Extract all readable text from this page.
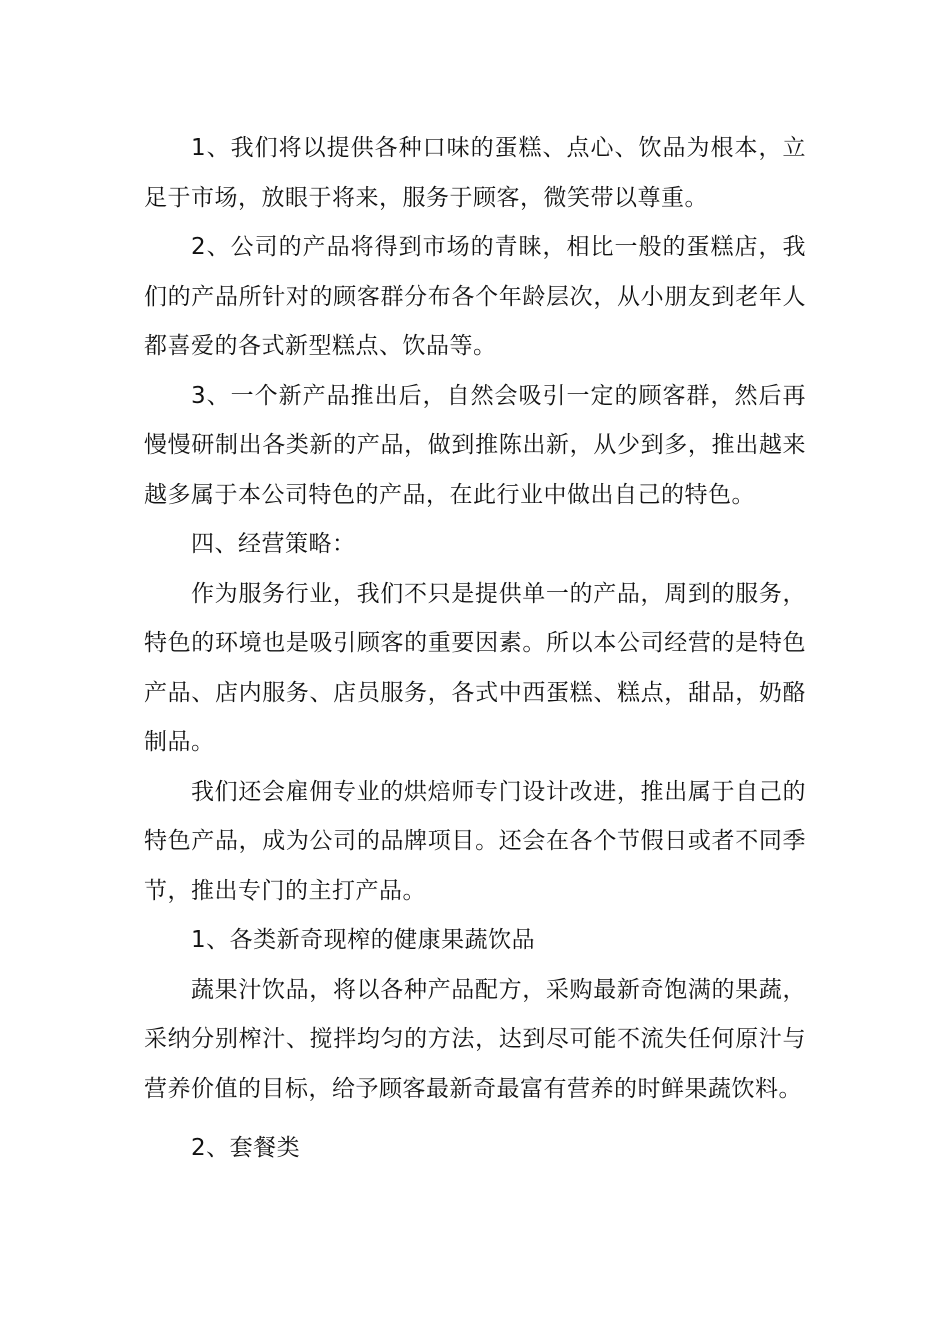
1、我们将以提供各种口味的蛋糕、点心、饮品为根本，立足于市场，放眼于将来，服务于顾客，微笑带以尊重。

2、公司的产品将得到市场的青睐，相比一般的蛋糕店，我们的产品所针对的顾客群分布各个年龄层次，从小朋友到老年人都喜爱的各式新型糕点、饮品等。

3、一个新产品推出后，自然会吸引一定的顾客群，然后再慢慢研制出各类新的产品，做到推陈出新，从少到多，推出越来越多属于本公司特色的产品，在此行业中做出自己的特色。

四、经营策略：

作为服务行业，我们不只是提供单一的产品，周到的服务，特色的环境也是吸引顾客的重要因素。所以本公司经营的是特色产品、店内服务、店员服务，各式中西蛋糕、糕点，甜品，奶酪制品。

我们还会雇佣专业的烘焙师专门设计改进，推出属于自己的特色产品，成为公司的品牌项目。还会在各个节假日或者不同季节，推出专门的主打产品。

1、各类新奇现榨的健康果蔬饮品

蔬果汁饮品，将以各种产品配方，采购最新奇饱满的果蔬，采纳分别榨汁、搅拌均匀的方法，达到尽可能不流失任何原汁与营养价值的目标，给予顾客最新奇最富有营养的时鲜果蔬饮料。

2、套餐类
